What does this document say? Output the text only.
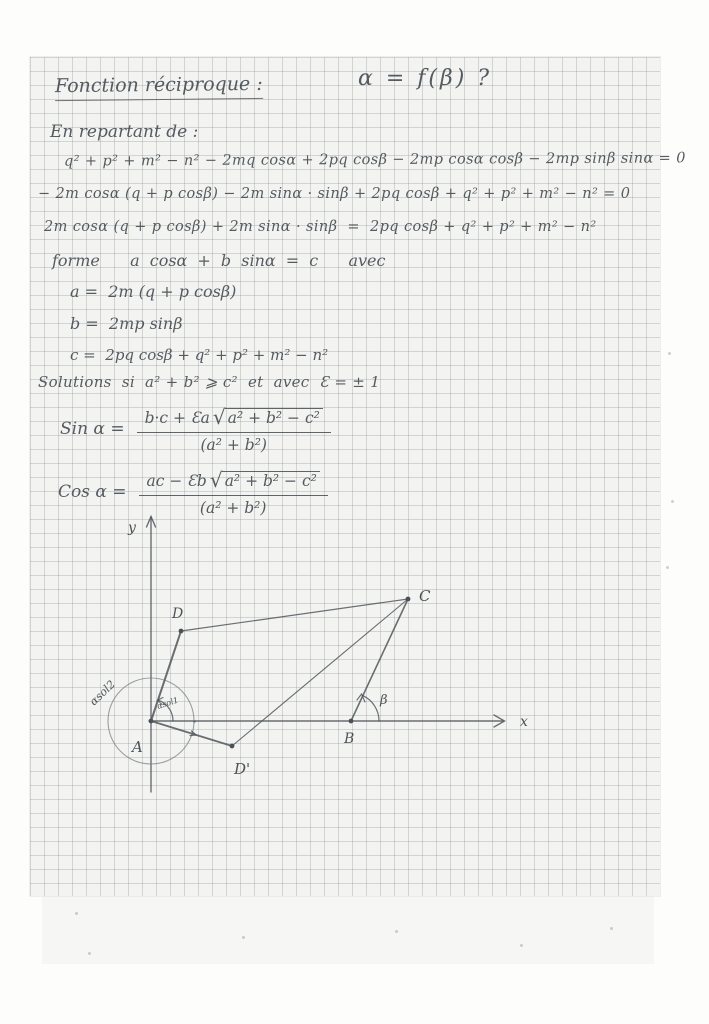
Fonction réciproque :	α = f(β) ?
En repartant de :
q² + p² + m² − n² − 2mq cosα + 2pq cosβ − 2mp cosα cosβ − 2mp sinβ sinα = 0
− 2m cosα (q + p cosβ) − 2m sinα · sinβ + 2pq cosβ + q² + p² + m² − n² = 0
2m cosα (q + p cosβ) + 2m sinα · sinβ  =  2pq cosβ + q² + p² + m² − n²
forme   a cosα + b sinα = c   avec
a =  2m (q + p cosβ)
b =  2mp sinβ
c =  2pq cosβ + q² + p² + m² − n²
Solutions  si  a² + b² ⩾ c²  et  avec  Ɛ = ± 1
Sin $\alpha = \frac{\text{b·c + Ɛa √ a² + b² − c²}}{\text{(a² + b²)}}$
Cos $\alpha = \frac{\text{ac − Ɛb √ a² + b² − c²}}{\text{(a² + b²)}}$
y
x
A	B
C
D
D'
αsol1
αsol2	β
